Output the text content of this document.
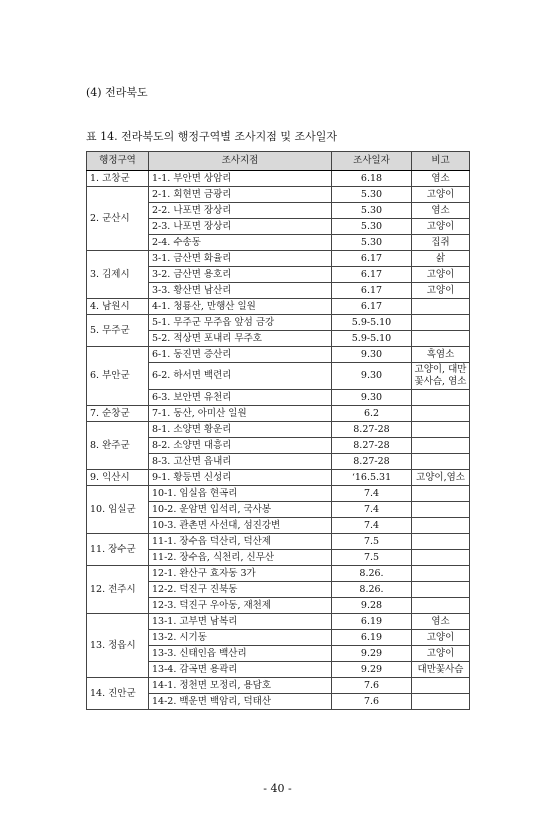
(4) 전라북도
표 14. 전라북도의 행정구역별 조사지점 및 조사일자
행정구역	조사지점	조사일자	비고
1. 고창군	1-1. 부안면 상암리	6.18	염소
2. 군산시	2-1. 회현면 금광리	5.30	고양이
	2-2. 나포면 장상리	5.30	염소
	2-3. 나포면 장상리	5.30	고양이
	2-4. 수송동	5.30	집쥐
3. 김제시	3-1. 금산면 화율리	6.17	삵
	3-2. 금산면 용호리	6.17	고양이
	3-3. 황산면 남산리	6.17	고양이
4. 남원시	4-1. 청룡산, 만행산 일원	6.17	
5. 무주군	5-1. 무주군 무주읍 앞섬 금강	5.9-5.10	
	5-2. 적상면 포내리 무주호	5.9-5.10	
6. 부안군	6-1. 동진면 증산리	9.30	흑염소
	6-2. 하서면 백련리	9.30	고양이, 대만꽃사슴, 염소
	6-3. 보안면 유천리	9.30	
7. 순창군	7-1. 동산, 아미산 일원	6.2	
8. 완주군	8-1. 소양면 황운리	8.27-28	
	8-2. 소양면 대흥리	8.27-28	
	8-3. 고산면 읍내리	8.27-28	
9. 익산시	9-1. 황등면 신성리	‘16.5.31	고양이,염소
10. 임실군	10-1. 임실읍 현곡리	7.4	
	10-2. 운암면 입석리, 국사봉	7.4	
	10-3. 관촌면 사선대, 섬진강변	7.4	
11. 장수군	11-1. 장수읍 덕산리, 덕산제	7.5	
	11-2. 장수읍, 식천리, 신무산	7.5	
12. 전주시	12-1. 완산구 효자동 3가	8.26.	
	12-2. 덕진구 진북동	8.26.	
	12-3. 덕진구 우아동, 재천제	9.28	
13. 정읍시	13-1. 고부면 남복리	6.19	염소
	13-2. 시기동	6.19	고양이
	13-3. 신태인읍 백산리	9.29	고양이
	13-4. 감곡면 용곽리	9.29	대만꽃사슴
14. 진안군	14-1. 정천면 모정리, 용담호	7.6	
	14-2. 백운면 백암리, 덕태산	7.6	
- 40 -
